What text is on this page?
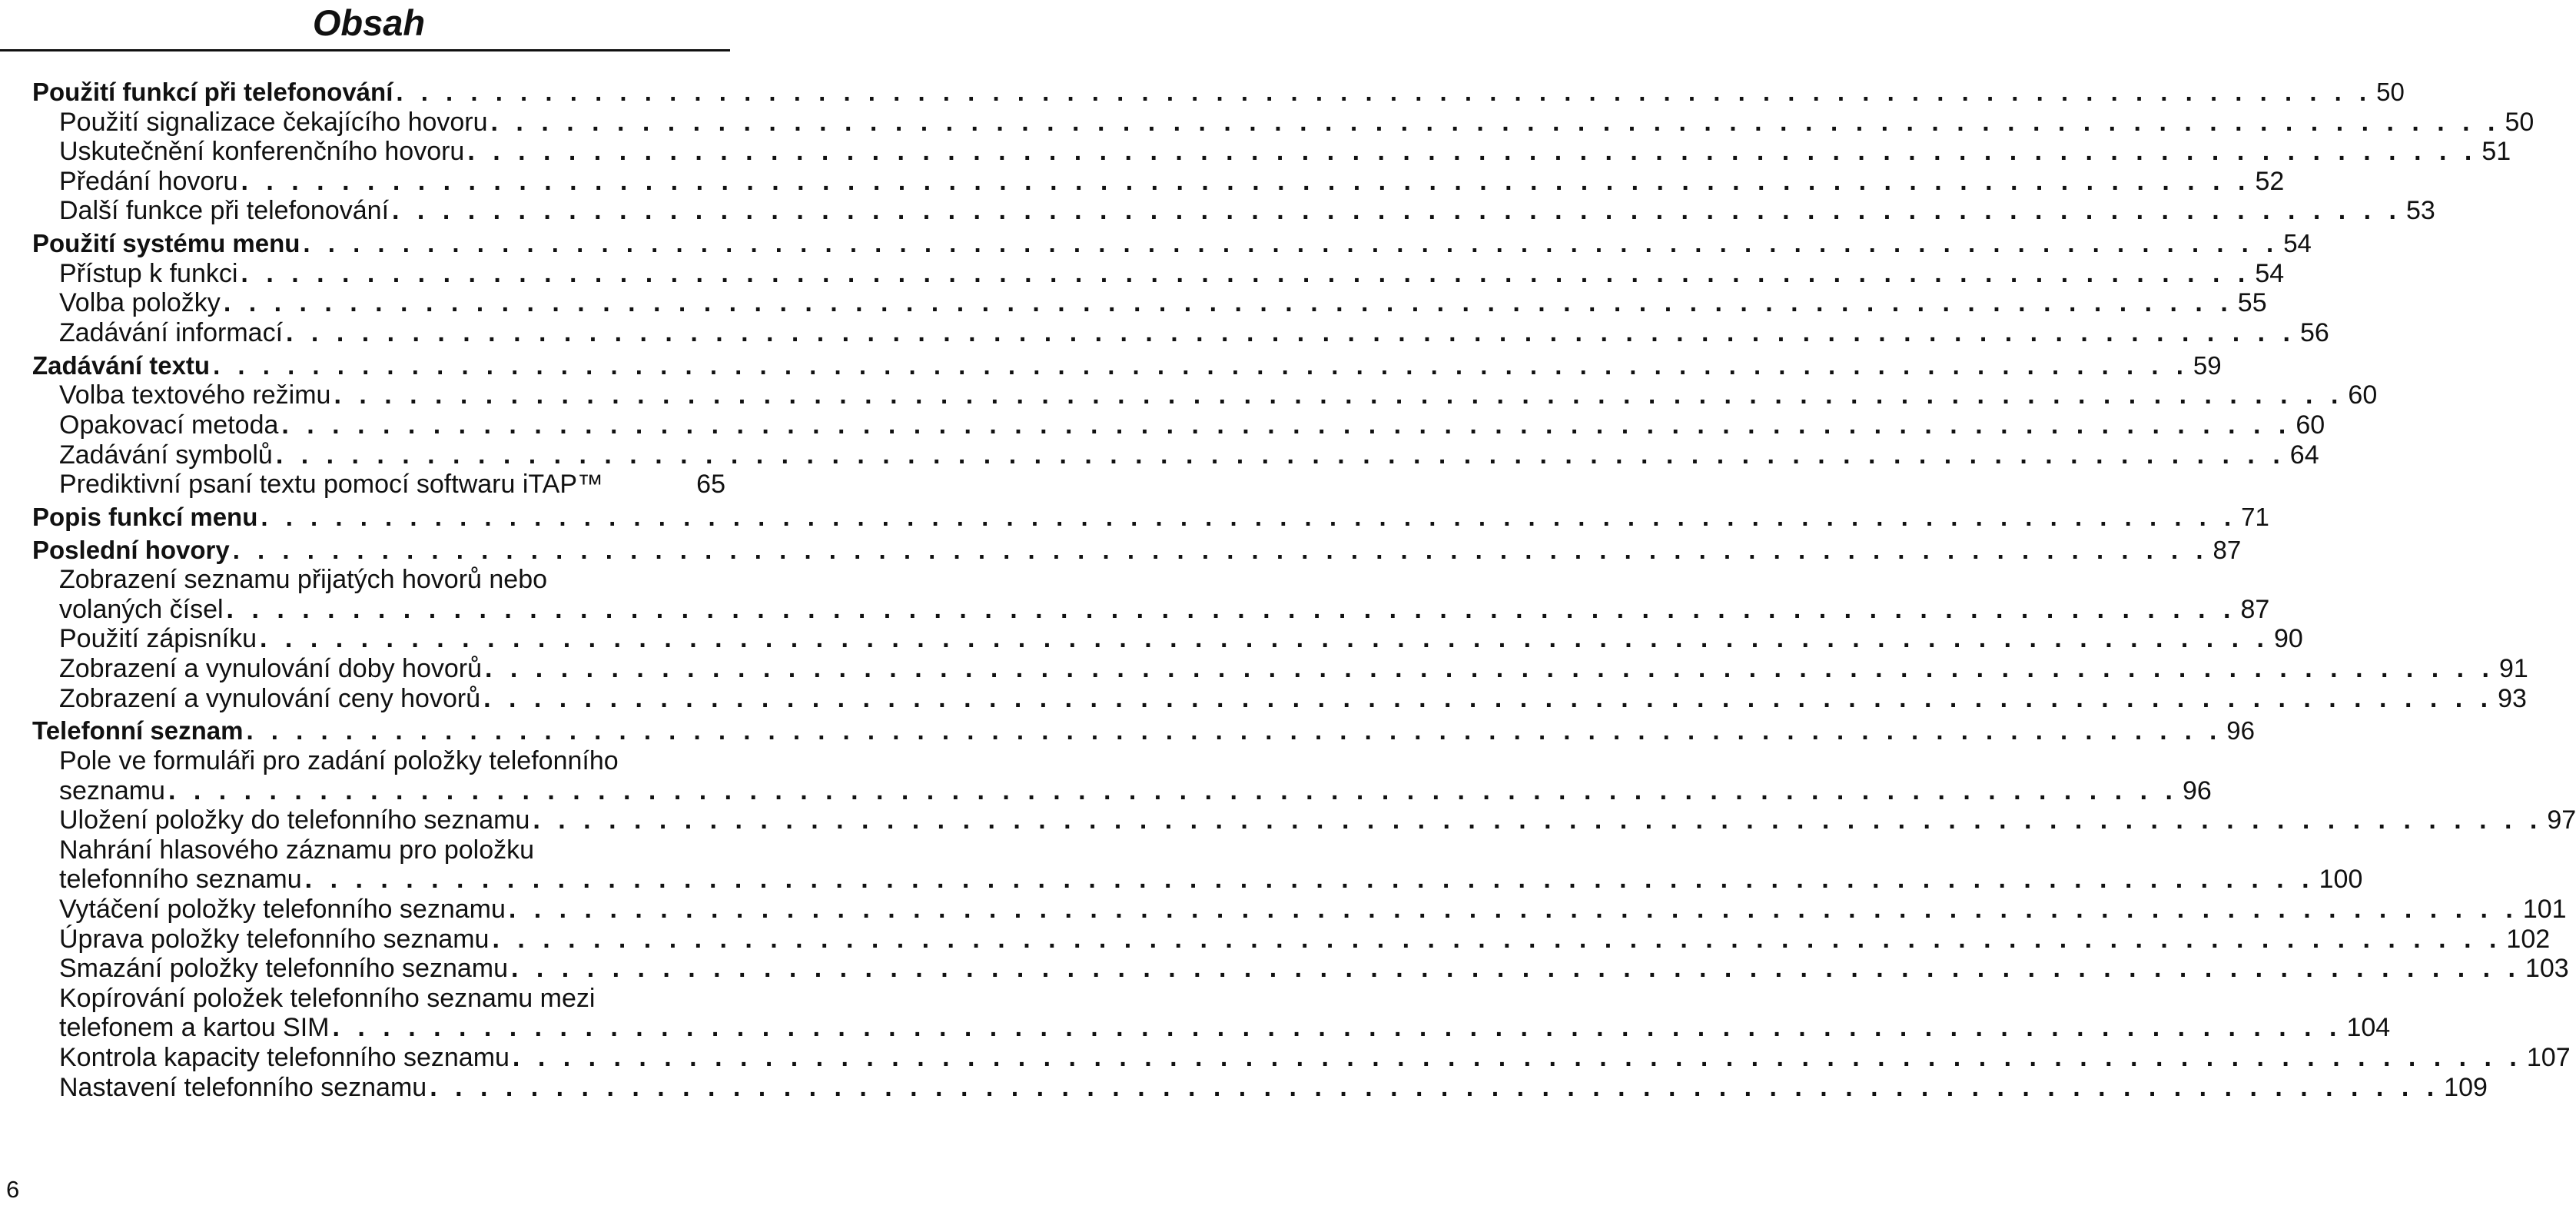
Obsah
Použití funkcí při telefonování . . . . . . . . . . . . . . . . . . . . . . . . . . . . . . . . . . . . . . . . . . . . . . . . . . . . . . . . . . . . . . . . . . . . . . . . . . . . . . . . 50
Použití signalizace čekajícího hovoru . . . . . . . . . . . . . . . . . . . . . . . . . . . . . . . . . . . . . . . . . . . . . . . . . . . . . . . . . . . . . . . . . . . . . . . . . . . . . . . . 50
Uskutečnění konferenčního hovoru . . . . . . . . . . . . . . . . . . . . . . . . . . . . . . . . . . . . . . . . . . . . . . . . . . . . . . . . . . . . . . . . . . . . . . . . . . . . . . . . 51
Předání hovoru . . . . . . . . . . . . . . . . . . . . . . . . . . . . . . . . . . . . . . . . . . . . . . . . . . . . . . . . . . . . . . . . . . . . . . . . . . . . . . . . 52
Další funkce při telefonování . . . . . . . . . . . . . . . . . . . . . . . . . . . . . . . . . . . . . . . . . . . . . . . . . . . . . . . . . . . . . . . . . . . . . . . . . . . . . . . . 53
Použití systému menu . . . . . . . . . . . . . . . . . . . . . . . . . . . . . . . . . . . . . . . . . . . . . . . . . . . . . . . . . . . . . . . . . . . . . . . . . . . . . . . . 54
Přístup k funkci . . . . . . . . . . . . . . . . . . . . . . . . . . . . . . . . . . . . . . . . . . . . . . . . . . . . . . . . . . . . . . . . . . . . . . . . . . . . . . . . 54
Volba položky . . . . . . . . . . . . . . . . . . . . . . . . . . . . . . . . . . . . . . . . . . . . . . . . . . . . . . . . . . . . . . . . . . . . . . . . . . . . . . . . 55
Zadávání informací . . . . . . . . . . . . . . . . . . . . . . . . . . . . . . . . . . . . . . . . . . . . . . . . . . . . . . . . . . . . . . . . . . . . . . . . . . . . . . . . 56
Zadávání textu . . . . . . . . . . . . . . . . . . . . . . . . . . . . . . . . . . . . . . . . . . . . . . . . . . . . . . . . . . . . . . . . . . . . . . . . . . . . . . . . 59
Volba textového režimu . . . . . . . . . . . . . . . . . . . . . . . . . . . . . . . . . . . . . . . . . . . . . . . . . . . . . . . . . . . . . . . . . . . . . . . . . . . . . . . . 60
Opakovací metoda . . . . . . . . . . . . . . . . . . . . . . . . . . . . . . . . . . . . . . . . . . . . . . . . . . . . . . . . . . . . . . . . . . . . . . . . . . . . . . . . 60
Zadávání symbolů . . . . . . . . . . . . . . . . . . . . . . . . . . . . . . . . . . . . . . . . . . . . . . . . . . . . . . . . . . . . . . . . . . . . . . . . . . . . . . . . 64
Prediktivní psaní textu pomocí softwaru iTAP™	65
Popis funkcí menu . . . . . . . . . . . . . . . . . . . . . . . . . . . . . . . . . . . . . . . . . . . . . . . . . . . . . . . . . . . . . . . . . . . . . . . . . . . . . . . . 71
Poslední hovory . . . . . . . . . . . . . . . . . . . . . . . . . . . . . . . . . . . . . . . . . . . . . . . . . . . . . . . . . . . . . . . . . . . . . . . . . . . . . . . . 87
Zobrazení seznamu přijatých hovorů nebo
volaných čísel . . . . . . . . . . . . . . . . . . . . . . . . . . . . . . . . . . . . . . . . . . . . . . . . . . . . . . . . . . . . . . . . . . . . . . . . . . . . . . . . 87
Použití zápisníku . . . . . . . . . . . . . . . . . . . . . . . . . . . . . . . . . . . . . . . . . . . . . . . . . . . . . . . . . . . . . . . . . . . . . . . . . . . . . . . . 90
Zobrazení a vynulování doby hovorů . . . . . . . . . . . . . . . . . . . . . . . . . . . . . . . . . . . . . . . . . . . . . . . . . . . . . . . . . . . . . . . . . . . . . . . . . . . . . . . . 91
Zobrazení a vynulování ceny hovorů . . . . . . . . . . . . . . . . . . . . . . . . . . . . . . . . . . . . . . . . . . . . . . . . . . . . . . . . . . . . . . . . . . . . . . . . . . . . . . . . 93
Telefonní seznam . . . . . . . . . . . . . . . . . . . . . . . . . . . . . . . . . . . . . . . . . . . . . . . . . . . . . . . . . . . . . . . . . . . . . . . . . . . . . . . . 96
Pole ve formuláři pro zadání položky telefonního
seznamu . . . . . . . . . . . . . . . . . . . . . . . . . . . . . . . . . . . . . . . . . . . . . . . . . . . . . . . . . . . . . . . . . . . . . . . . . . . . . . . . 96
Uložení položky do telefonního seznamu . . . . . . . . . . . . . . . . . . . . . . . . . . . . . . . . . . . . . . . . . . . . . . . . . . . . . . . . . . . . . . . . . . . . . . . . . . . . . . . . 97
Nahrání hlasového záznamu pro položku
telefonního seznamu . . . . . . . . . . . . . . . . . . . . . . . . . . . . . . . . . . . . . . . . . . . . . . . . . . . . . . . . . . . . . . . . . . . . . . . . . . . . . . . . 100
Vytáčení položky telefonního seznamu . . . . . . . . . . . . . . . . . . . . . . . . . . . . . . . . . . . . . . . . . . . . . . . . . . . . . . . . . . . . . . . . . . . . . . . . . . . . . . . . 101
Úprava položky telefonního seznamu . . . . . . . . . . . . . . . . . . . . . . . . . . . . . . . . . . . . . . . . . . . . . . . . . . . . . . . . . . . . . . . . . . . . . . . . . . . . . . . . 102
Smazání položky telefonního seznamu . . . . . . . . . . . . . . . . . . . . . . . . . . . . . . . . . . . . . . . . . . . . . . . . . . . . . . . . . . . . . . . . . . . . . . . . . . . . . . . . 103
Kopírování položek telefonního seznamu mezi
telefonem a kartou SIM . . . . . . . . . . . . . . . . . . . . . . . . . . . . . . . . . . . . . . . . . . . . . . . . . . . . . . . . . . . . . . . . . . . . . . . . . . . . . . . . 104
Kontrola kapacity telefonního seznamu . . . . . . . . . . . . . . . . . . . . . . . . . . . . . . . . . . . . . . . . . . . . . . . . . . . . . . . . . . . . . . . . . . . . . . . . . . . . . . . . 107
Nastavení telefonního seznamu . . . . . . . . . . . . . . . . . . . . . . . . . . . . . . . . . . . . . . . . . . . . . . . . . . . . . . . . . . . . . . . . . . . . . . . . . . . . . . . . 109
6
